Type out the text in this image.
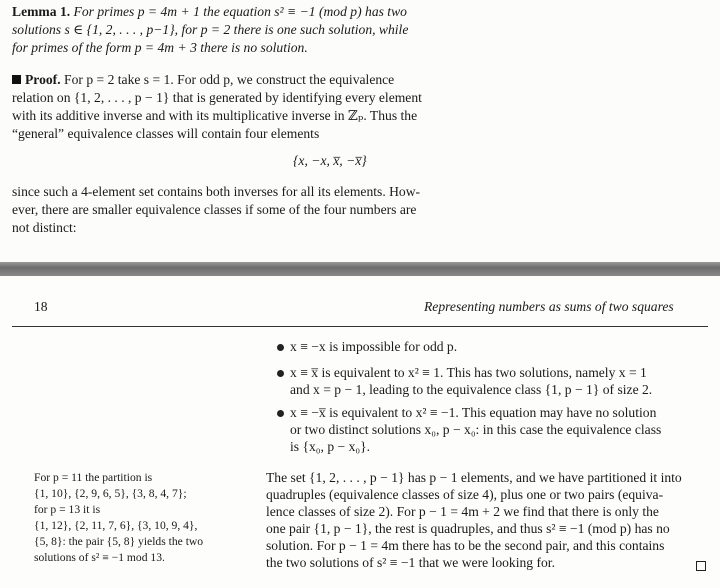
Lemma 1. For primes p = 4m + 1 the equation s² ≡ −1 (mod p) has two
solutions s ∈ {1, 2, . . . , p−1}, for p = 2 there is one such solution, while
for primes of the form p = 4m + 3 there is no solution.
Proof. For p = 2 take s = 1. For odd p, we construct the equivalence
relation on {1, 2, . . . , p − 1} that is generated by identifying every element
with its additive inverse and with its multiplicative inverse in ℤₚ. Thus the
“general” equivalence classes will contain four elements
{x, −x, x̅, −x̅}
since such a 4-element set contains both inverses for all its elements. How-
ever, there are smaller equivalence classes if some of the four numbers are
not distinct:
18	Representing numbers as sums of two squares
x ≡ −x is impossible for odd p.
x ≡ x̅ is equivalent to x² ≡ 1. This has two solutions, namely x = 1
and x = p − 1, leading to the equivalence class {1, p − 1} of size 2.
x ≡ −x̅ is equivalent to x² ≡ −1. This equation may have no solution
or two distinct solutions x₀, p − x₀: in this case the equivalence class
is {x₀, p − x₀}.
For p = 11 the partition is
{1, 10}, {2, 9, 6, 5}, {3, 8, 4, 7};
for p = 13 it is
{1, 12}, {2, 11, 7, 6}, {3, 10, 9, 4},
{5, 8}: the pair {5, 8} yields the two
solutions of s² ≡ −1 mod 13.
The set {1, 2, . . . , p − 1} has p − 1 elements, and we have partitioned it into
quadruples (equivalence classes of size 4), plus one or two pairs (equiva-
lence classes of size 2). For p − 1 = 4m + 2 we find that there is only the
one pair {1, p − 1}, the rest is quadruples, and thus s² ≡ −1 (mod p) has no
solution. For p − 1 = 4m there has to be the second pair, and this contains
the two solutions of s² ≡ −1 that we were looking for.
